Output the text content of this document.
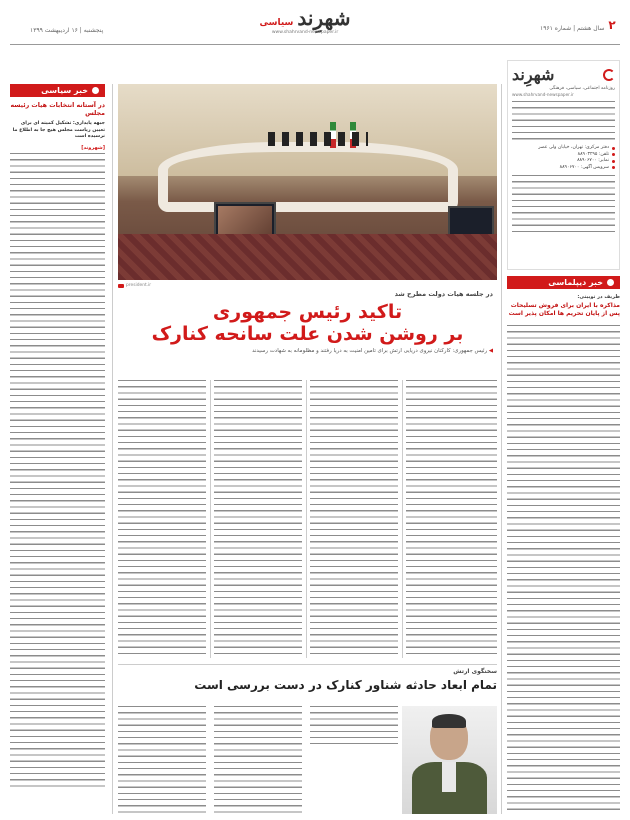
پنجشنبه | ۱۶ اردیبهشت ۱۳۹۹
شهرِند
سیاسی
www.shahrvand-newspaper.ir
سال هشتم | شماره ۱۹۶۱ ۲
خبر سیاسی
در آستانه انتخابات هیات رئیسه مجلس
جبهه پایداری: تشکیل کمیته ای برای تعیین ریاست مجلس هیچ جا به اطلاع ما نرسیده است
[شهروند]
president.ir
در جلسه هیات دولت مطرح شد
تاکید رئیس جمهوری
بر روشن شدن علت سانحه کنارک
◀ رئیس جمهوری: کارکنان نیروی دریایی ارتش برای تامین امنیت به دریا رفتند و مظلومانه به شهادت رسیدند
سخنگوی ارتش
تمام ابعاد حادثه شناور کنارک در دست بررسی است
شهرِند
روزنامه اجتماعی، سیاسی، فرهنگی
www.shahrvand-newspaper.ir
دفتر مرکزی: تهران، خیابان ولی عصر
تلفن: ۸۸۹۰۳۲۹۵
نمابر: ۸۸۹۰۶۷۰۰
سرویس آگهی: ۸۸۹۰۶۷۰۰
خبر دیپلماسی
ظریف در توییتی:
مذاکره با ایران برای فروش تسلیحات پس از پایان تحریم ها امکان پذیر است
